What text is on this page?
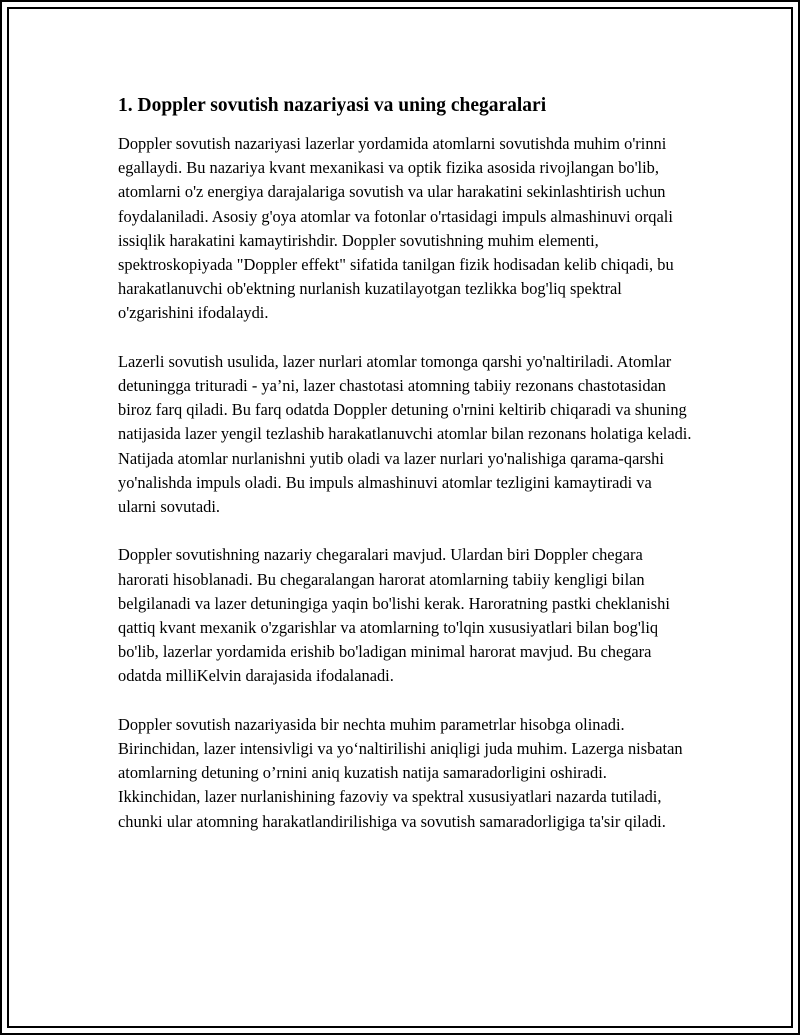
1. Doppler sovutish nazariyasi va uning chegaralari

Doppler sovutish nazariyasi lazerlar yordamida atomlarni sovutishda muhim o'rinni egallaydi. Bu nazariya kvant mexanikasi va optik fizika asosida rivojlangan bo'lib, atomlarni o'z energiya darajalariga sovutish va ular harakatini sekinlashtirish uchun foydalaniladi. Asosiy g'oya atomlar va fotonlar o'rtasidagi impuls almashinuvi orqali issiqlik harakatini kamaytirishdir. Doppler sovutishning muhim elementi, spektroskopiyada "Doppler effekt" sifatida tanilgan fizik hodisadan kelib chiqadi, bu harakatlanuvchi ob'ektning nurlanish kuzatilayotgan tezlikka bog'liq spektral o'zgarishini ifodalaydi.

Lazerli sovutish usulida, lazer nurlari atomlar tomonga qarshi yo'naltiriladi. Atomlar detuningga trituradi - ya’ni, lazer chastotasi atomning tabiiy rezonans chastotasidan biroz farq qiladi. Bu farq odatda Doppler detuning o'rnini keltirib chiqaradi va shuning natijasida lazer yengil tezlashib harakatlanuvchi atomlar bilan rezonans holatiga keladi. Natijada atomlar nurlanishni yutib oladi va lazer nurlari yo'nalishiga qarama-qarshi yo'nalishda impuls oladi. Bu impuls almashinuvi atomlar tezligini kamaytiradi va ularni sovutadi.

Doppler sovutishning nazariy chegaralari mavjud. Ulardan biri Doppler chegara harorati hisoblanadi. Bu chegaralangan harorat atomlarning tabiiy kengligi bilan belgilanadi va lazer detuningiga yaqin bo'lishi kerak. Haroratning pastki cheklanishi qattiq kvant mexanik o'zgarishlar va atomlarning to'lqin xususiyatlari bilan bog'liq bo'lib, lazerlar yordamida erishib bo'ladigan minimal harorat mavjud. Bu chegara odatda milliKelvin darajasida ifodalanadi.

Doppler sovutish nazariyasida bir nechta muhim parametrlar hisobga olinadi. Birinchidan, lazer intensivligi va yo‘naltirilishi aniqligi juda muhim. Lazerga nisbatan atomlarning detuning o’rnini aniq kuzatish natija samaradorligini oshiradi. Ikkinchidan, lazer nurlanishining fazoviy va spektral xususiyatlari nazarda tutiladi, chunki ular atomning harakatlandirilishiga va sovutish samaradorligiga ta'sir qiladi.
